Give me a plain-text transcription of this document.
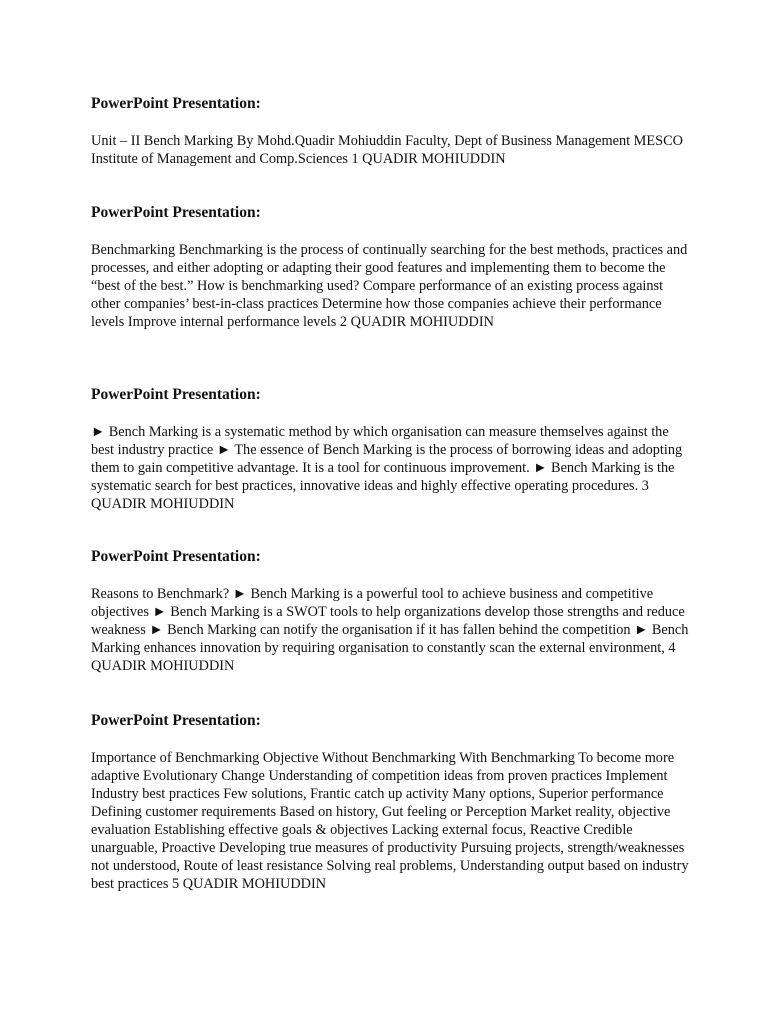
PowerPoint Presentation:

Unit – II Bench Marking By Mohd.Quadir Mohiuddin Faculty, Dept of Business Management MESCO Institute of Management and Comp.Sciences 1 QUADIR MOHIUDDIN

PowerPoint Presentation:

Benchmarking Benchmarking is the process of continually searching for the best methods, practices and processes, and either adopting or adapting their good features and implementing them to become the “best of the best.” How is benchmarking used? Compare performance of an existing process against other companies’ best-in-class practices Determine how those companies achieve their performance levels Improve internal performance levels 2 QUADIR MOHIUDDIN

PowerPoint Presentation:

► Bench Marking is a systematic method by which organisation can measure themselves against the best industry practice ► The essence of Bench Marking is the process of borrowing ideas and adopting them to gain competitive advantage. It is a tool for continuous improvement. ► Bench Marking is the systematic search for best practices, innovative ideas and highly effective operating procedures. 3 QUADIR MOHIUDDIN

PowerPoint Presentation:

Reasons to Benchmark? ► Bench Marking is a powerful tool to achieve business and competitive objectives ► Bench Marking is a SWOT tools to help organizations develop those strengths and reduce weakness ► Bench Marking can notify the organisation if it has fallen behind the competition ► Bench Marking enhances innovation by requiring organisation to constantly scan the external environment, 4 QUADIR MOHIUDDIN

PowerPoint Presentation:

Importance of Benchmarking Objective Without Benchmarking With Benchmarking To become more adaptive Evolutionary Change Understanding of competition ideas from proven practices Implement Industry best practices Few solutions, Frantic catch up activity Many options, Superior performance Defining customer requirements Based on history, Gut feeling or Perception Market reality, objective evaluation Establishing effective goals & objectives Lacking external focus, Reactive Credible unarguable, Proactive Developing true measures of productivity Pursuing projects, strength/weaknesses not understood, Route of least resistance Solving real problems, Understanding output based on industry best practices 5 QUADIR MOHIUDDIN
